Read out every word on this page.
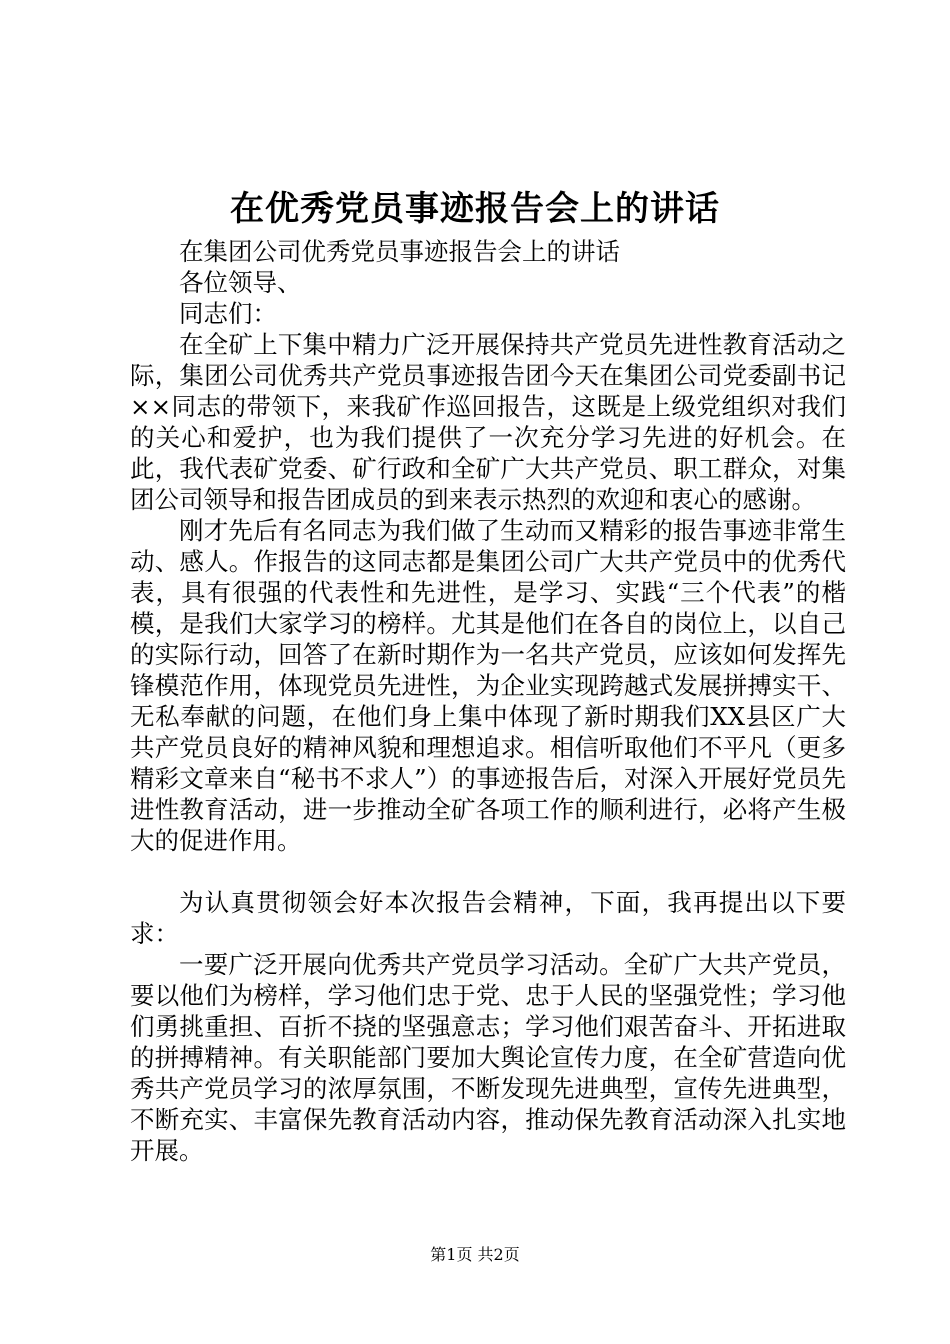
在优秀党员事迹报告会上的讲话

在集团公司优秀党员事迹报告会上的讲话

各位领导、

同志们：

在全矿上下集中精力广泛开展保持共产党员先进性教育活动之际，集团公司优秀共产党员事迹报告团今天在集团公司党委副书记××同志的带领下，来我矿作巡回报告，这既是上级党组织对我们的关心和爱护，也为我们提供了一次充分学习先进的好机会。在此，我代表矿党委、矿行政和全矿广大共产党员、职工群众，对集团公司领导和报告团成员的到来表示热烈的欢迎和衷心的感谢。

刚才先后有名同志为我们做了生动而又精彩的报告事迹非常生动、感人。作报告的这同志都是集团公司广大共产党员中的优秀代表，具有很强的代表性和先进性，是学习、实践“三个代表”的楷模，是我们大家学习的榜样。尤其是他们在各自的岗位上，以自己的实际行动，回答了在新时期作为一名共产党员，应该如何发挥先锋模范作用，体现党员先进性，为企业实现跨越式发展拼搏实干、无私奉献的问题，在他们身上集中体现了新时期我们XX县区广大共产党员良好的精神风貌和理想追求。相信听取他们不平凡（更多精彩文章来自“秘书不求人”）的事迹报告后，对深入开展好党员先进性教育活动，进一步推动全矿各项工作的顺利进行，必将产生极大的促进作用。

为认真贯彻领会好本次报告会精神，下面，我再提出以下要求：

一要广泛开展向优秀共产党员学习活动。全矿广大共产党员，要以他们为榜样，学习他们忠于党、忠于人民的坚强党性；学习他们勇挑重担、百折不挠的坚强意志；学习他们艰苦奋斗、开拓进取的拼搏精神。有关职能部门要加大舆论宣传力度，在全矿营造向优秀共产党员学习的浓厚氛围，不断发现先进典型，宣传先进典型，不断充实、丰富保先教育活动内容，推动保先教育活动深入扎实地开展。

第1页 共2页
